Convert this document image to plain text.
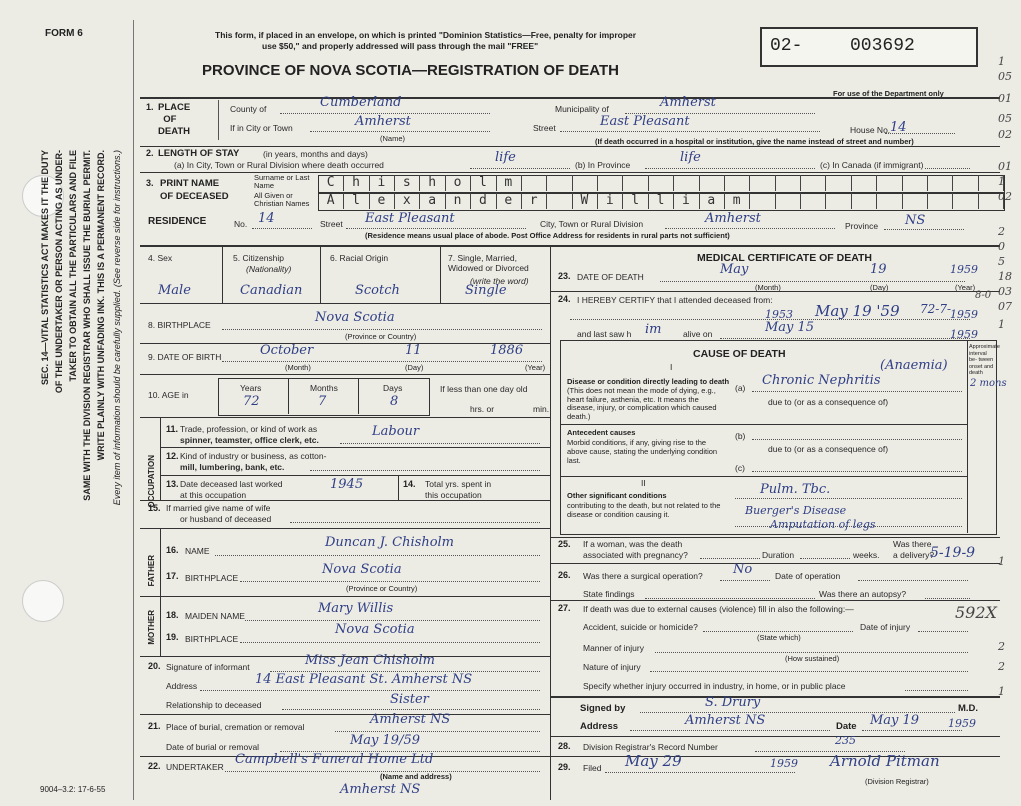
SEC. 14—VITAL STATISTICS ACT MAKES IT THE DUTY OF THE UNDERTAKER OR PERSON ACTING AS UNDER- TAKER TO OBTAIN ALL THE PARTICULARS AND FILE SAME WITH THE DIVISION REGISTRAR WHO SHALL ISSUE THE BURIAL PERMIT. WRITE PLAINLY WITH UNFADING INK. THIS IS A PERMANENT RECORD. Every item of information should be carefully supplied. (See reverse side for instructions.)
9004–3.2: 17-6-55
FORM 6	This form, if placed in an envelope, on which is printed "Dominion Statistics—Free, penalty for improper
use $50," and properly addressed will pass through the mail "FREE"
PROVINCE OF NOVA SCOTIA—REGISTRATION OF DEATH
02-	003692
For use of the Department only
1. PLACE
OF
DEATH
County of	Cumberland	Municipality of	Amherst
If in City or Town	Amherst
(Name)
Street	East Pleasant
House No. 14
(If death occurred in a hospital or institution, give the name instead of street and number)
2. LENGTH OF STAY	(in years, months and days)
(a) In City, Town or Rural Division where death occurred	life	(b) In Province	life	(c) In Canada (if immigrant)
3. PRINT NAME
OF DECEASED
Surname or Last Name
All Given or Christian Names
C	h	i	s	h	o	l	m
A	l	e	x	a	n	d	e	r	W	i	l	l	i	a	m
RESIDENCE	No. 14	Street East Pleasant	City, Town or Rural Division	Amherst	Province NS
(Residence means usual place of abode. Post Office Address for residents in rural parts not sufficient)
4. Sex	5. Citizenship
(Nationality)
6. Racial Origin	7. Single, Married, Widowed or Divorced
(write the word)
Male	Canadian	Scotch	Single
8. BIRTHPLACE	Nova Scotia
(Province or Country)
9. DATE OF BIRTH	October	11	1886
(Month)	(Day)	(Year)
10. AGE in
Years	Months	Days
72	7	8
If less than one day old
hrs. or	min.
OCCUPATION
11. Trade, profession, or kind of work as
spinner, teamster, office clerk, etc.
Labour
12. Kind of industry or business, as cotton-
mill, lumbering, bank, etc.
13. Date deceased last worked
at this occupation
1945	14. Total yrs. spent in
this occupation
15. If married give name of wife
or husband of deceased
FATHER
16. NAME
Duncan J. Chisholm
17. BIRTHPLACE
Nova Scotia
(Province or Country)
MOTHER 18. MAIDEN NAME	Mary Willis
19. BIRTHPLACE
Nova Scotia
20. Signature of informant	Miss Jean Chisholm
Address	14 East Pleasant St. Amherst NS
Relationship to deceased	Sister
21. Place of burial, cremation or removal	Amherst NS
Date of burial or removal	May 19/59
22. UNDERTAKER Campbell's Funeral Home Ltd
(Name and address)
Amherst NS
MEDICAL CERTIFICATE OF DEATH
23. DATE OF DEATH	May	19	1959
(Month)	(Day)	(Year)
24. I HEREBY CERTIFY that I attended deceased from:
1953 May 19 '59	1959
and last saw h im	alive on	May 15	1959
CAUSE OF DEATH
Approximate interval be- tween onset and death
I
Disease or condition directly leading to death
(This does not mean the mode of dying, e.g., heart failure, asthenia, etc. It means the disease, injury, or complication which caused death.)
(a) Chronic Nephritis
(Anaemia)
2 mons
due to (or as a consequence of)
Antecedent causes
Morbid conditions, if any, giving rise to the above cause, stating the underlying condition last.
(b)
due to (or as a consequence of)
(c)
II
Other significant conditions
contributing to the death, but not related to the disease or condition causing it.
Pulm. Tbc.
Buerger's Disease
Amputation of legs
25. If a woman, was the death
associated with pregnancy?	Duration	weeks.
Was there
a delivery?
26. Was there a surgical operation? No	Date of operation
State findings	Was there an autopsy?
27. If death was due to external causes (violence) fill in also the following:—
Accident, suicide or homicide?
(State which)
Date of injury
Manner of injury
(How sustained)
Nature of injury
Specify whether injury occurred in industry, in home, or in public place
Signed by	S. Drury	M.D.
Address	Amherst NS	Date May 19	1959
28. Division Registrar's Record Number	235
29. Filed May 29	1959 Arnold Pitman
(Division Registrar)
1
05
01
05
02
01
1
02
2
0
5
18
03
07
1
1
2
2
1
8-0
72-7-
5-19-9
592X
